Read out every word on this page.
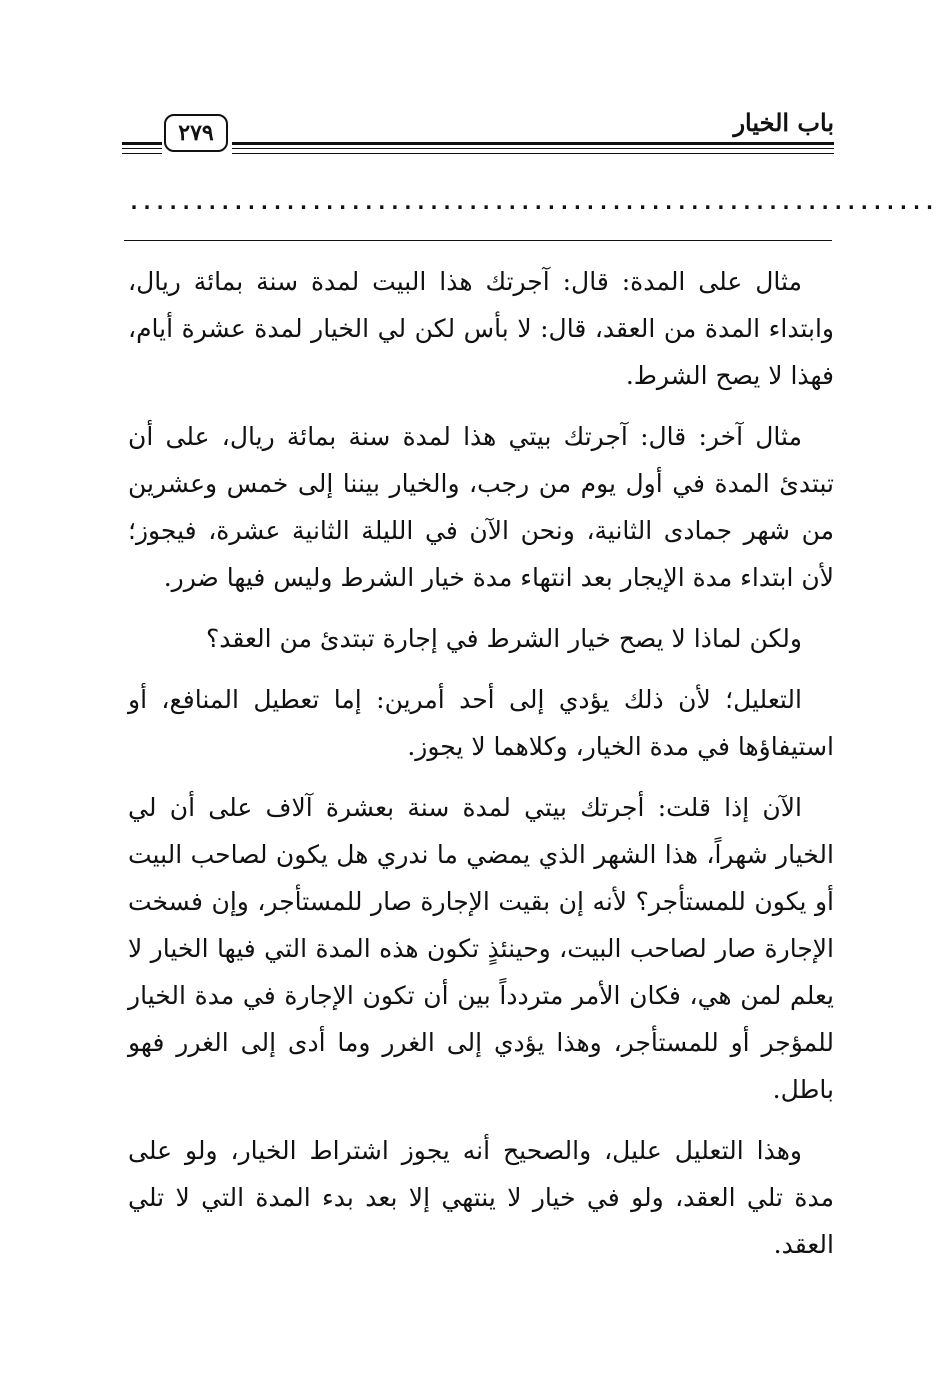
٢٧٩	باب الخيار
..............................................................

مثال على المدة: قال: آجرتك هذا البيت لمدة سنة بمائة ريال، وابتداء المدة من العقد، قال: لا بأس لكن لي الخيار لمدة عشرة أيام، فهذا لا يصح الشرط.

مثال آخر: قال: آجرتك بيتي هذا لمدة سنة بمائة ريال، على أن تبتدئ المدة في أول يوم من رجب، والخيار بيننا إلى خمس وعشرين من شهر جمادى الثانية، ونحن الآن في الليلة الثانية عشرة، فيجوز؛ لأن ابتداء مدة الإيجار بعد انتهاء مدة خيار الشرط وليس فيها ضرر.

ولكن لماذا لا يصح خيار الشرط في إجارة تبتدئ من العقد؟

التعليل؛ لأن ذلك يؤدي إلى أحد أمرين: إما تعطيل المنافع، أو استيفاؤها في مدة الخيار، وكلاهما لا يجوز.

الآن إذا قلت: أجرتك بيتي لمدة سنة بعشرة آلاف على أن لي الخيار شهراً، هذا الشهر الذي يمضي ما ندري هل يكون لصاحب البيت أو يكون للمستأجر؟ لأنه إن بقيت الإجارة صار للمستأجر، وإن فسخت الإجارة صار لصاحب البيت، وحينئذٍ تكون هذه المدة التي فيها الخيار لا يعلم لمن هي، فكان الأمر متردداً بين أن تكون الإجارة في مدة الخيار للمؤجر أو للمستأجر، وهذا يؤدي إلى الغرر وما أدى إلى الغرر فهو باطل.

وهذا التعليل عليل، والصحيح أنه يجوز اشتراط الخيار، ولو على مدة تلي العقد، ولو في خيار لا ينتهي إلا بعد بدء المدة التي لا تلي العقد.
